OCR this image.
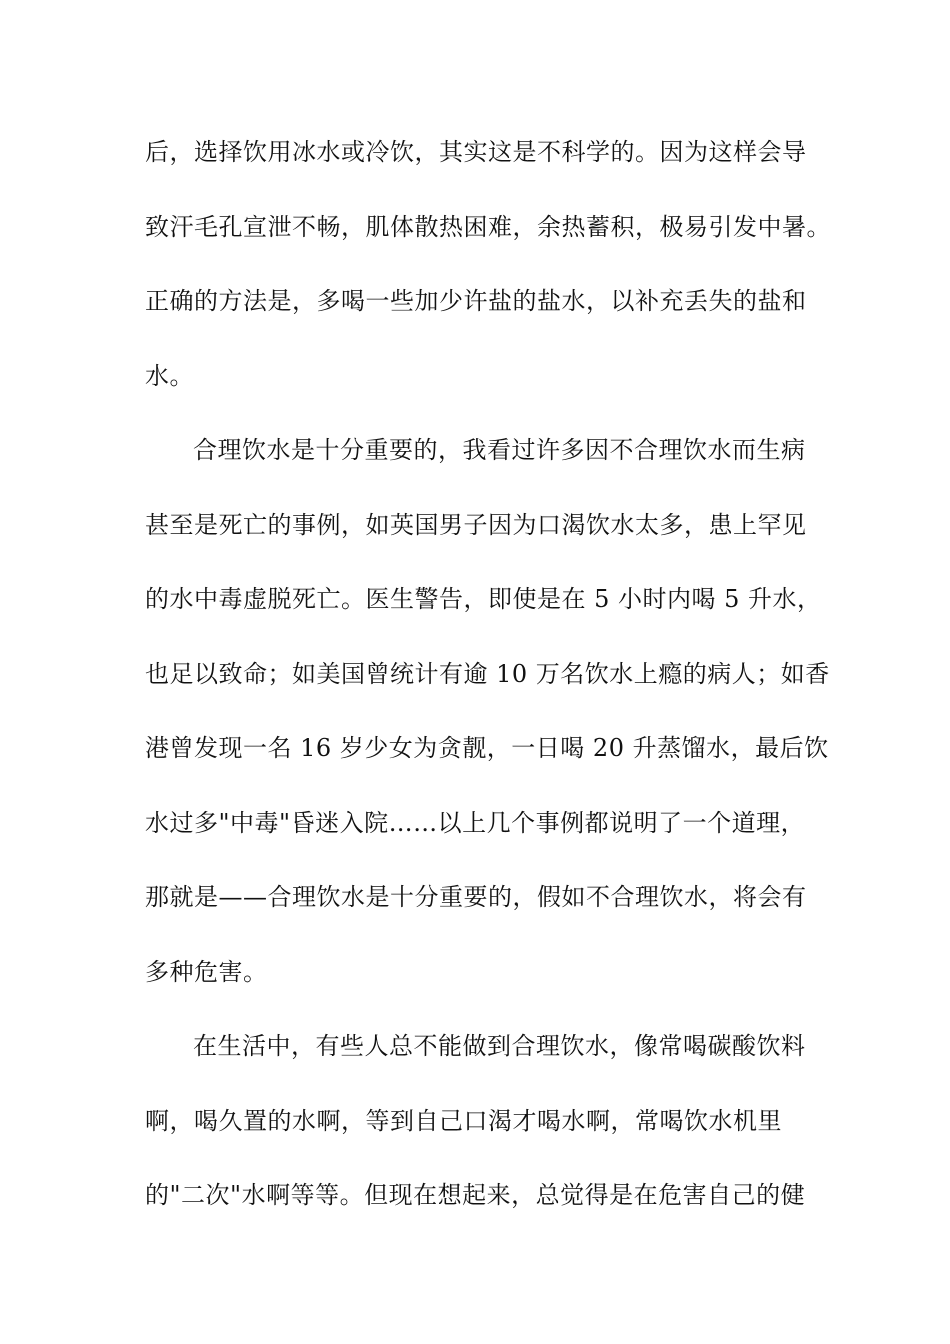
后，选择饮用冰水或冷饮，其实这是不科学的。因为这样会导
致汗毛孔宣泄不畅，肌体散热困难，余热蓄积，极易引发中暑。
正确的方法是，多喝一些加少许盐的盐水，以补充丢失的盐和
水。
合理饮水是十分重要的，我看过许多因不合理饮水而生病
甚至是死亡的事例，如英国男子因为口渴饮水太多，患上罕见
的水中毒虚脱死亡。医生警告，即使是在 5 小时内喝 5 升水，
也足以致命；如美国曾统计有逾 10 万名饮水上瘾的病人；如香
港曾发现一名 16 岁少女为贪靓，一日喝 20 升蒸馏水，最后饮
水过多"中毒"昏迷入院……以上几个事例都说明了一个道理，
那就是——合理饮水是十分重要的，假如不合理饮水，将会有
多种危害。
在生活中，有些人总不能做到合理饮水，像常喝碳酸饮料
啊，喝久置的水啊，等到自己口渴才喝水啊，常喝饮水机里
的"二次"水啊等等。但现在想起来，总觉得是在危害自己的健
